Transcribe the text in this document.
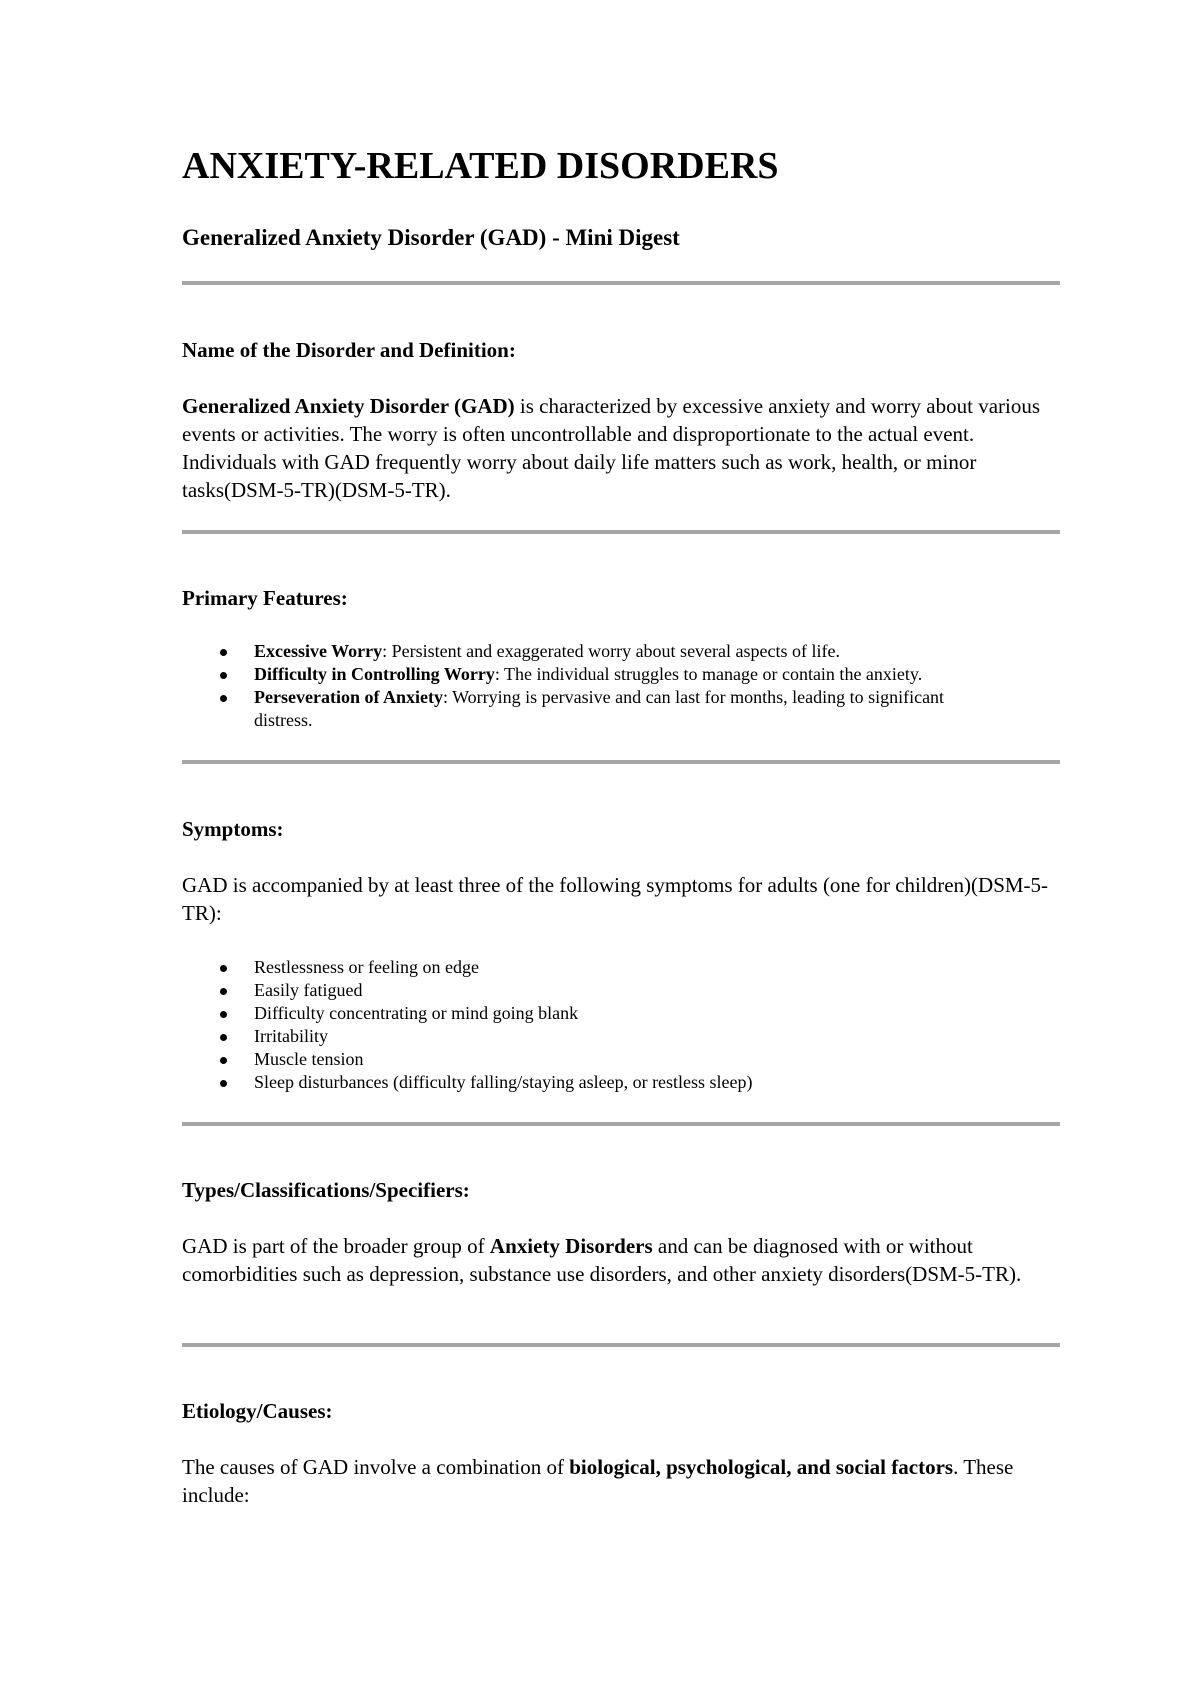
ANXIETY-RELATED DISORDERS
Generalized Anxiety Disorder (GAD) - Mini Digest
Name of the Disorder and Definition:

Generalized Anxiety Disorder (GAD) is characterized by excessive anxiety and worry about various events or activities. The worry is often uncontrollable and disproportionate to the actual event. Individuals with GAD frequently worry about daily life matters such as work, health, or minor tasks(DSM-5-TR)(DSM-5-TR).

Primary Features:
Excessive Worry: Persistent and exaggerated worry about several aspects of life.
Difficulty in Controlling Worry: The individual struggles to manage or contain the anxiety.
Perseveration of Anxiety: Worrying is pervasive and can last for months, leading to significant distress.
Symptoms:

GAD is accompanied by at least three of the following symptoms for adults (one for children)(DSM-5-TR):

Restlessness or feeling on edge
Easily fatigued
Difficulty concentrating or mind going blank
Irritability
Muscle tension
Sleep disturbances (difficulty falling/staying asleep, or restless sleep)
Types/Classifications/Specifiers:

GAD is part of the broader group of Anxiety Disorders and can be diagnosed with or without comorbidities such as depression, substance use disorders, and other anxiety disorders(DSM-5-TR).

Etiology/Causes:

The causes of GAD involve a combination of biological, psychological, and social factors. These include:
